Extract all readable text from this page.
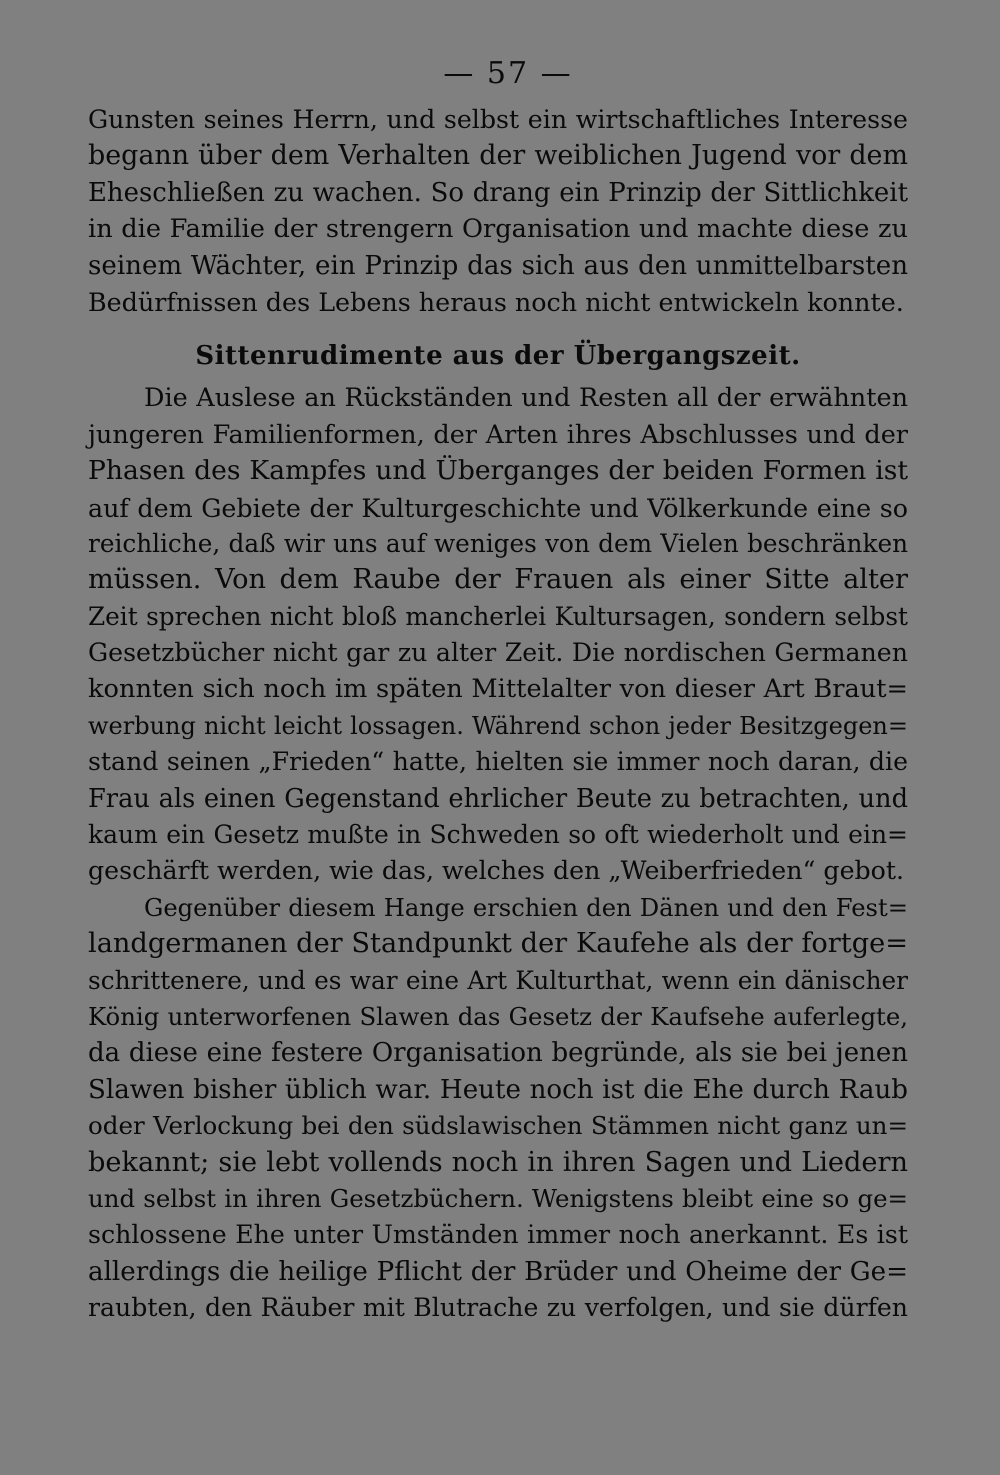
— 57 —
Gunsten seines Herrn, und selbst ein wirtschaftliches Interesse
begann über dem Verhalten der weiblichen Jugend vor dem
Eheschließen zu wachen. So drang ein Prinzip der Sittlichkeit
in die Familie der strengern Organisation und machte diese zu
seinem Wächter, ein Prinzip das sich aus den unmittelbarsten
Bedürfnissen des Lebens heraus noch nicht entwickeln konnte.
Sittenrudimente aus der Übergangszeit.
Die Auslese an Rückständen und Resten all der erwähnten
jungeren Familienformen, der Arten ihres Abschlusses und der
Phasen des Kampfes und Überganges der beiden Formen ist
auf dem Gebiete der Kulturgeschichte und Völkerkunde eine so
reichliche, daß wir uns auf weniges von dem Vielen beschränken
müssen. Von dem Raube der Frauen als einer Sitte alter
Zeit sprechen nicht bloß mancherlei Kultursagen, sondern selbst
Gesetzbücher nicht gar zu alter Zeit. Die nordischen Germanen
konnten sich noch im späten Mittelalter von dieser Art Braut=
werbung nicht leicht lossagen. Während schon jeder Besitzgegen=
stand seinen „Frieden“ hatte, hielten sie immer noch daran, die
Frau als einen Gegenstand ehrlicher Beute zu betrachten, und
kaum ein Gesetz mußte in Schweden so oft wiederholt und ein=
geschärft werden, wie das, welches den „Weiberfrieden“ gebot.
Gegenüber diesem Hange erschien den Dänen und den Fest=
landgermanen der Standpunkt der Kaufehe als der fortge=
schrittenere, und es war eine Art Kulturthat, wenn ein dänischer
König unterworfenen Slawen das Gesetz der Kaufsehe auferlegte,
da diese eine festere Organisation begründe, als sie bei jenen
Slawen bisher üblich war. Heute noch ist die Ehe durch Raub
oder Verlockung bei den südslawischen Stämmen nicht ganz un=
bekannt; sie lebt vollends noch in ihren Sagen und Liedern
und selbst in ihren Gesetzbüchern. Wenigstens bleibt eine so ge=
schlossene Ehe unter Umständen immer noch anerkannt. Es ist
allerdings die heilige Pflicht der Brüder und Oheime der Ge=
raubten, den Räuber mit Blutrache zu verfolgen, und sie dürfen
